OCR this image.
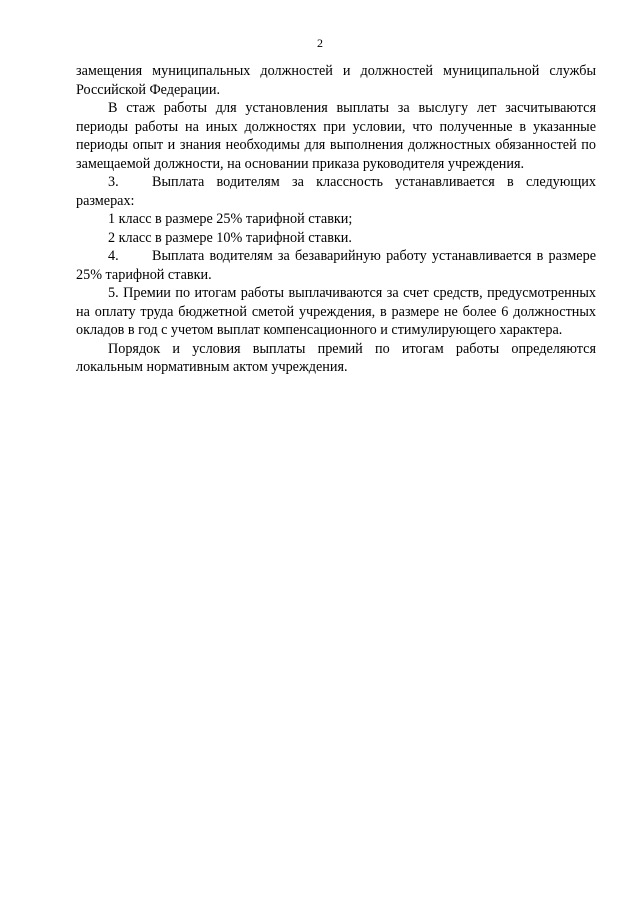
2

замещения муниципальных должностей и должностей муниципальной службы Российской Федерации.

В стаж работы для установления выплаты за выслугу лет засчитываются периоды работы на иных должностях при условии, что полученные в указанные периоды опыт и знания необходимы для выполнения должностных обязанностей по замещаемой должности, на основании приказа руководителя учреждения.

3. Выплата водителям за классность устанавливается в следующих размерах:

1 класс в размере 25% тарифной ставки;

2 класс в размере 10% тарифной ставки.

4. Выплата водителям за безаварийную работу устанавливается в размере 25% тарифной ставки.

5. Премии по итогам работы выплачиваются за счет средств, предусмотренных на оплату труда бюджетной сметой учреждения, в размере не более 6 должностных окладов в год с учетом выплат компенсационного и стимулирующего характера.

Порядок и условия выплаты премий по итогам работы определяются локальным нормативным актом учреждения.
